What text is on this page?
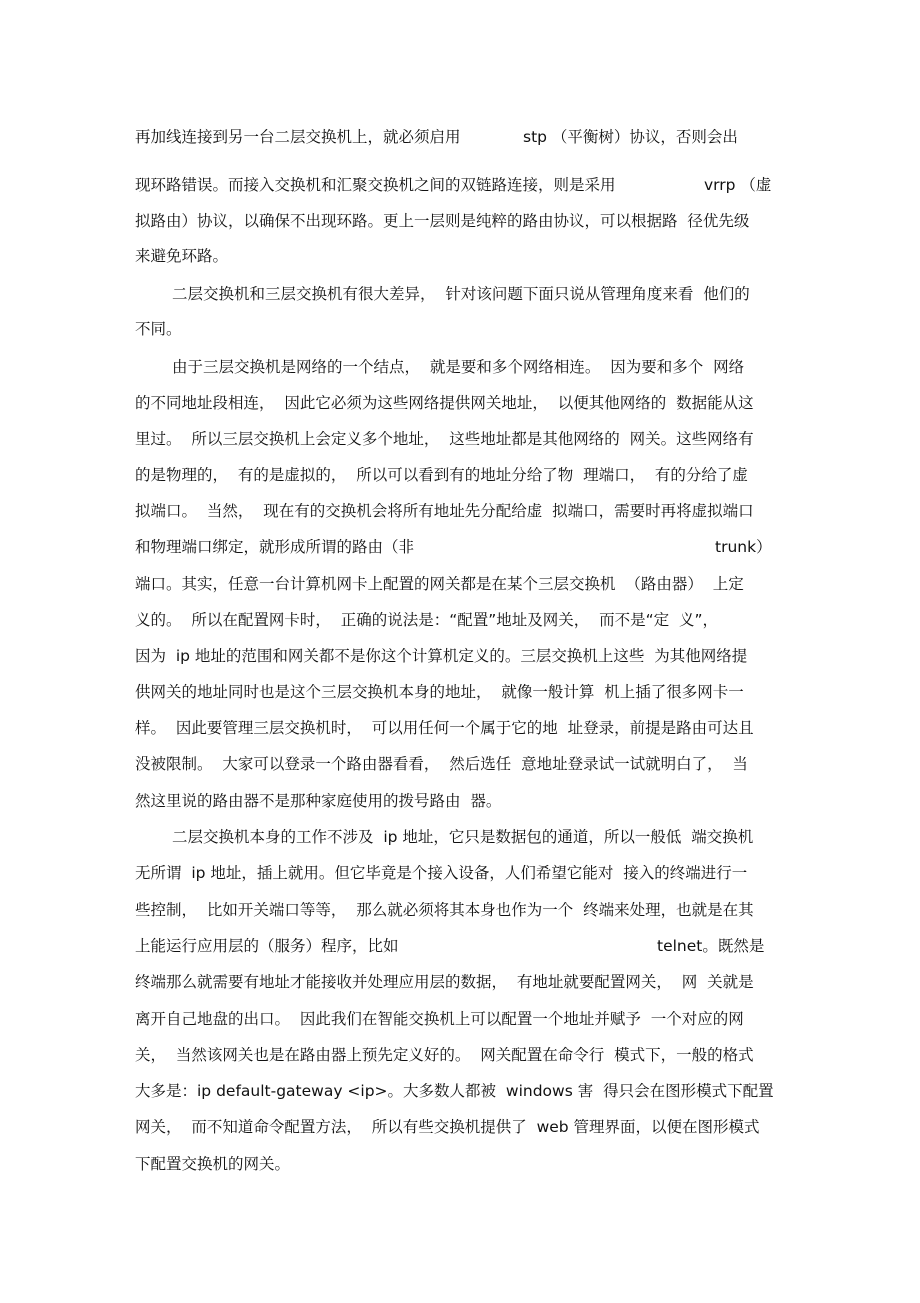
再加线连接到另一台二层交换机上，就必须启用

	stp （平衡树）协议，否则会出

现环路错误。而接入交换机和汇聚交换机之间的双链路连接，则是采用

	vrrp （虚

拟路由）协议，以确保不出现环路。更上一层则是纯粹的路由协议，可以根据路  径优先级

来避免环路。

二层交换机和三层交换机有很大差异，  针对该问题下面只说从管理角度来看  他们的

不同。

由于三层交换机是网络的一个结点，  就是要和多个网络相连。  因为要和多个  网络

的不同地址段相连，  因此它必须为这些网络提供网关地址，  以便其他网络的  数据能从这

里过。  所以三层交换机上会定义多个地址，  这些地址都是其他网络的  网关。这些网络有

的是物理的，  有的是虚拟的，  所以可以看到有的地址分给了物  理端口，  有的分给了虚

拟端口。  当然，  现在有的交换机会将所有地址先分配给虚  拟端口，需要时再将虚拟端口

和物理端口绑定，就形成所谓的路由（非

	trunk）

端口。其实，任意一台计算机网卡上配置的网关都是在某个三层交换机  （路由器）  上定

义的。  所以在配置网卡时，  正确的说法是：“配置”地址及网关，  而不是“定  义”，

因为  ip 地址的范围和网关都不是你这个计算机定义的。三层交换机上这些  为其他网络提

供网关的地址同时也是这个三层交换机本身的地址，  就像一般计算  机上插了很多网卡一

样。  因此要管理三层交换机时，  可以用任何一个属于它的地  址登录，前提是路由可达且

没被限制。  大家可以登录一个路由器看看，  然后选任  意地址登录试一试就明白了，  当

然这里说的路由器不是那种家庭使用的拨号路由  器。

二层交换机本身的工作不涉及  ip 地址，它只是数据包的通道，所以一般低  端交换机

无所谓  ip 地址，插上就用。但它毕竟是个接入设备，人们希望它能对  接入的终端进行一

些控制，  比如开关端口等等，  那么就必须将其本身也作为一个  终端来处理，也就是在其

上能运行应用层的（服务）程序，比如

	telnet。既然是

终端那么就需要有地址才能接收并处理应用层的数据，  有地址就要配置网关，  网  关就是

离开自己地盘的出口。  因此我们在智能交换机上可以配置一个地址并赋予  一个对应的网

关，  当然该网关也是在路由器上预先定义好的。  网关配置在命令行  模式下，一般的格式

大多是：ip default-gateway <ip>。大多数人都被  windows 害  得只会在图形模式下配置

网关，  而不知道命令配置方法，  所以有些交换机提供了  web 管理界面，以便在图形模式

下配置交换机的网关。
